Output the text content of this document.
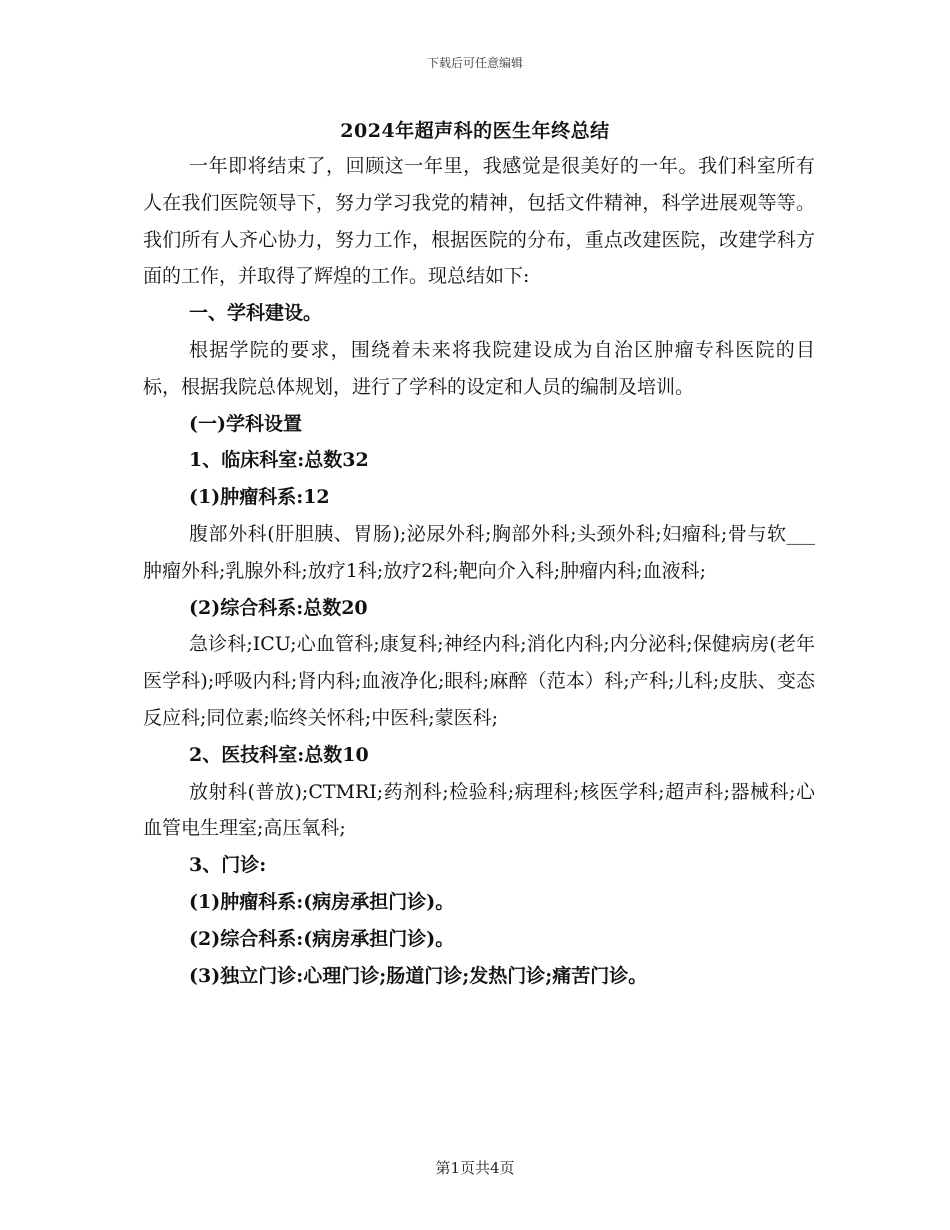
下载后可任意编辑
2024年超声科的医生年终总结

一年即将结束了，回顾这一年里，我感觉是很美好的一年。我们科室所有人在我们医院领导下，努力学习我党的精神，包括文件精神，科学进展观等等。我们所有人齐心协力，努力工作，根据医院的分布，重点改建医院，改建学科方面的工作，并取得了辉煌的工作。现总结如下:

一、学科建设。

根据学院的要求，围绕着未来将我院建设成为自治区肿瘤专科医院的目标，根据我院总体规划，进行了学科的设定和人员的编制及培训。

(一)学科设置

1、临床科室:总数32

(1)肿瘤科系:12

腹部外科(肝胆胰、胃肠);泌尿外科;胸部外科;头颈外科;妇瘤科;骨与软___肿瘤外科;乳腺外科;放疗1科;放疗2科;靶向介入科;肿瘤内科;血液科;

(2)综合科系:总数20

急诊科;ICU;心血管科;康复科;神经内科;消化内科;内分泌科;保健病房(老年医学科);呼吸内科;肾内科;血液净化;眼科;麻醉（范本）科;产科;儿科;皮肤、变态反应科;同位素;临终关怀科;中医科;蒙医科;

2、医技科室:总数10

放射科(普放);CTMRI;药剂科;检验科;病理科;核医学科;超声科;器械科;心血管电生理室;高压氧科;

3、门诊:

(1)肿瘤科系:(病房承担门诊)。

(2)综合科系:(病房承担门诊)。

(3)独立门诊:心理门诊;肠道门诊;发热门诊;痛苦门诊。

第1页共4页
